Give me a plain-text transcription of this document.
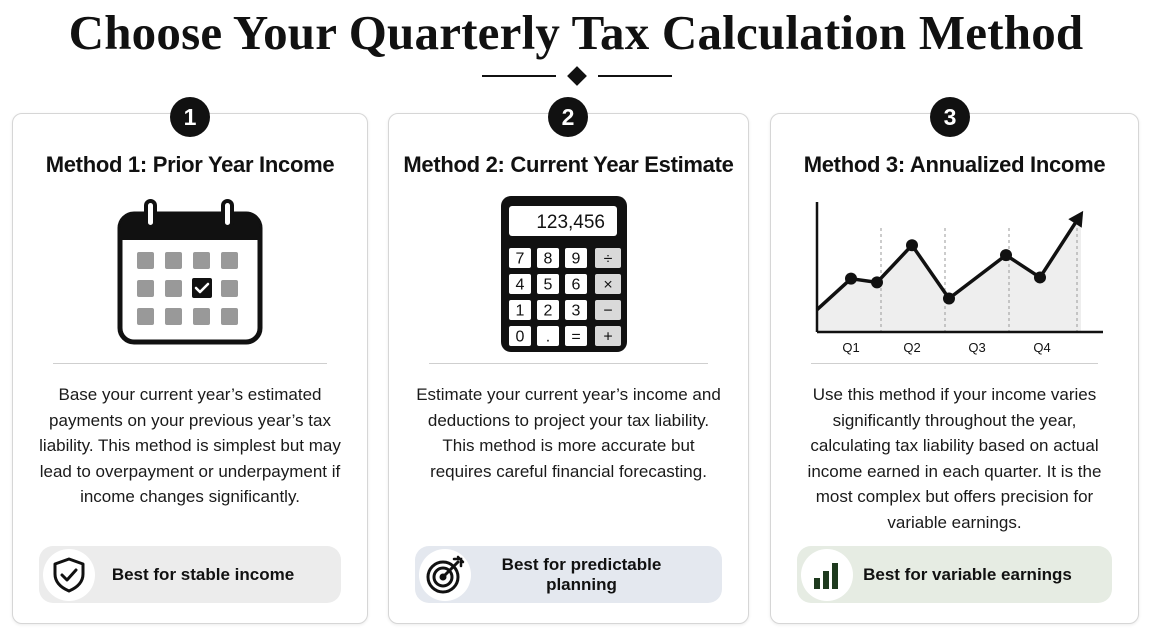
Choose Your Quarterly Tax Calculation Method
1	2	3
Method 1: Prior Year Income
Base your current year’s estimated payments on your previous year’s tax liability. This method is simplest but may lead to overpayment or underpayment if income changes significantly.
Best for stable income
Method 2: Current Year Estimate
123,456
7 8 9 ÷
4 5 6 ×
1 2 3 −
0 . = +
Estimate your current year’s income and deductions to project your tax liability. This method is more accurate but requires careful financial forecasting.
Best for predictable planning
Method 3: Annualized Income
Q1	Q2	Q3	Q4
Use this method if your income varies significantly throughout the year, calculating tax liability based on actual income earned in each quarter. It is the most complex but offers precision for variable earnings.
Best for variable earnings
